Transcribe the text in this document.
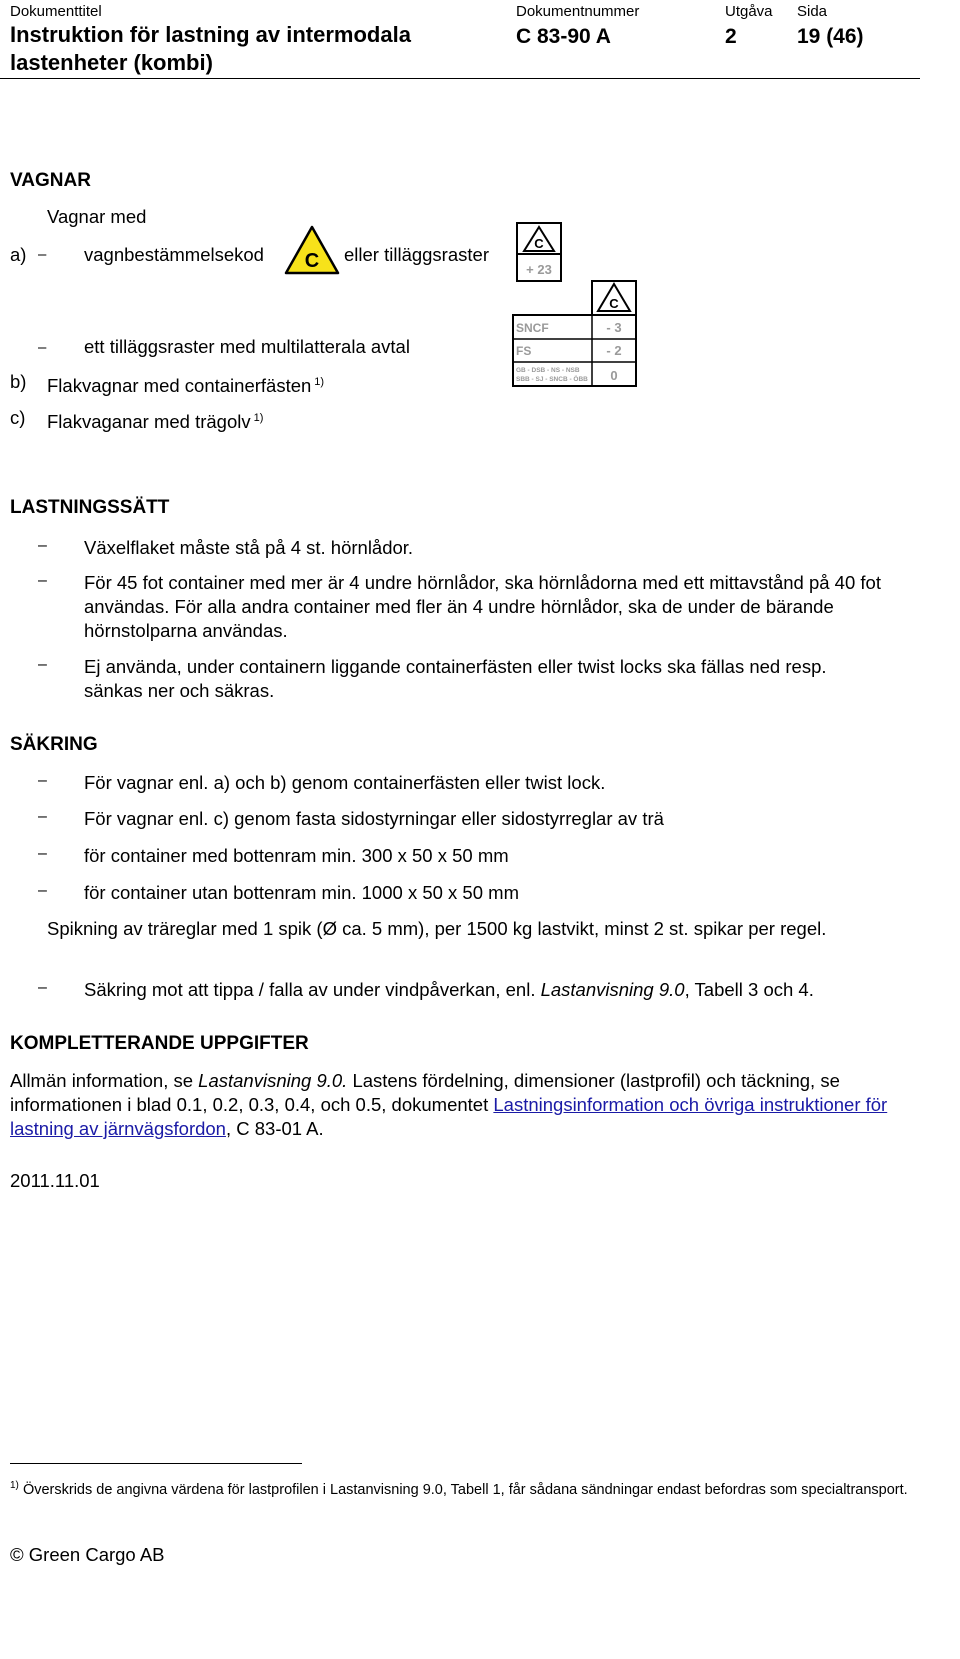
Dokumenttitel	Dokumentnummer	Utgåva Sida
Instruktion för lastning av intermodala
lastenheter (kombi)
C 83-90 A	2	19 (46)
VAGNAR
Vagnar med
a) – vagnbestämmelsekod C eller tilläggsraster
C
+ 23
C
SNCF	- 3
FS	- 2
GB - DSB - NS - NSB
SBB - SJ - SNCB - ÖBB 0
– ett tilläggsraster med multilatterala avtal
b) Flakvagnar med containerfästen $^{1)}$
c) Flakvaganar med trägolv $^{1)}$
LASTNINGSSÄTT
– Växelflaket måste stå på 4 st. hörnlådor.
– För 45 fot container med mer är 4 undre hörnlådor, ska hörnlådorna med ett mittavstånd på 40 fot användas. För alla andra container med fler än 4 undre hörnlådor, ska de under de bärande hörnstolparna användas.
– Ej använda, under containern liggande containerfästen eller twist locks ska fällas ned resp. sänkas ner och säkras.
SÄKRING
– För vagnar enl. a) och b) genom containerfästen eller twist lock.
– För vagnar enl. c) genom fasta sidostyrningar eller sidostyrreglar av trä
– för container med bottenram min. 300 x 50 x 50 mm
– för container utan bottenram min. 1000 x 50 x 50 mm
Spikning av träreglar med 1 spik (Ø ca. 5 mm), per 1500 kg lastvikt, minst 2 st. spikar per regel.
– Säkring mot att tippa / falla av under vindpåverkan, enl. Lastanvisning 9.0, Tabell 3 och 4.
KOMPLETTERANDE UPPGIFTER
Allmän information, se Lastanvisning 9.0. Lastens fördelning, dimensioner (lastprofil) och täckning, se informationen i blad 0.1, 0.2, 0.3, 0.4, och 0.5, dokumentet Lastningsinformation och övriga instruktioner för lastning av järnvägsfordon, C 83-01 A.
2011.11.01
$^{1)}$ Överskrids de angivna värdena för lastprofilen i Lastanvisning 9.0, Tabell 1, får sådana sändningar endast befordras som specialtransport.
© Green Cargo AB
